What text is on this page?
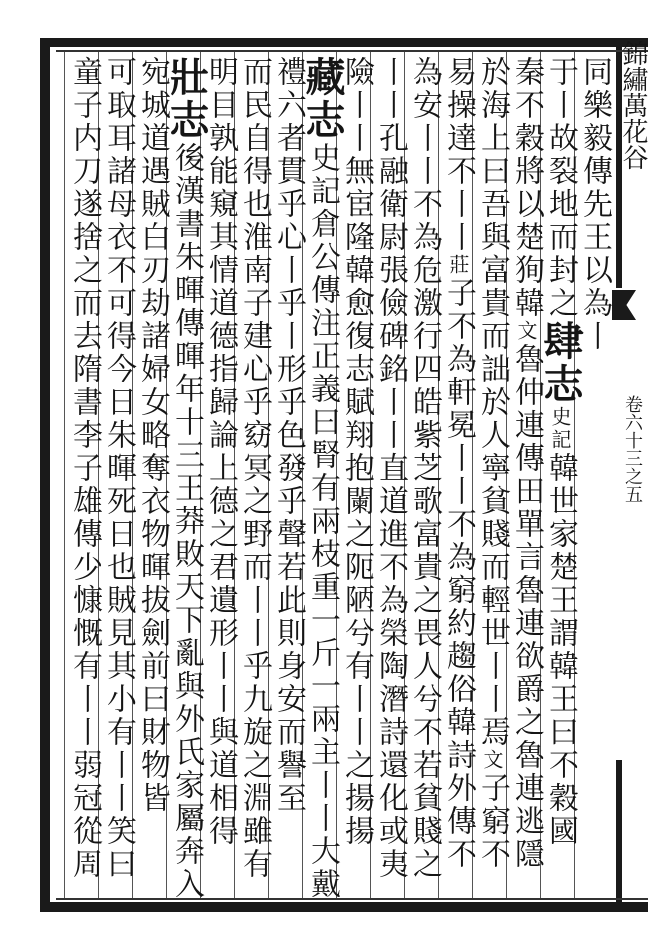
錦繡萬花谷
卷六十三之五
同樂毅傳先王以為丨
于丨故裂地而封之肆志史記韓世家楚王謂韓王曰不穀國
秦不穀將以楚狥韓文魯仲連傳田單言魯連欲爵之魯連逃隱
於海上曰吾與富貴而詘於人寧貧賤而輕世丨丨焉文子窮不
易操達不丨丨莊子不為軒冕丨丨不為窮約趨俗韓詩外傳不
為安丨丨不為危激行四皓紫芝歌富貴之畏人兮不若貧賤之
丨丨孔融衛尉張儉碑銘丨丨直道進不為榮陶潛詩還化或夷
險丨丨無宦隆韓愈復志賦翔抱闌之阨陋兮有丨丨之揚揚
藏志史記倉公傳注正義曰腎有兩枝重一斤一兩主丨丨大戴
禮六者貫乎心丨乎丨形乎色發乎聲若此則身安而譽至
而民自得也淮南子建心乎窈冥之野而丨丨乎九旋之淵雖有
明目孰能窺其情道德指歸論上德之君遺形丨丨與道相得
壯志後漢書朱暉傳暉年十三王莽敗天下亂與外氏家屬奔入
宛城道遇賊白刃劫諸婦女略奪衣物暉拔劍前曰財物皆
可取耳諸母衣不可得今日朱暉死日也賊見其小有丨丨笑曰
童子内刀遂捨之而去隋書李子雄傳少慷慨有丨丨弱冠從周
